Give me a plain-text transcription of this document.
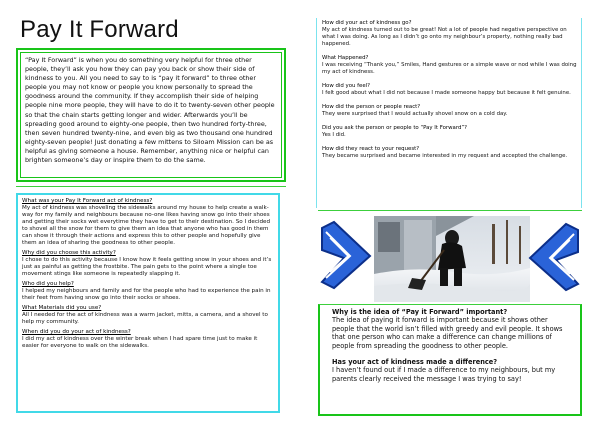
Pay It Forward
“Pay It Forward” is when you do something very helpful for three other people, they’ll ask you how they can pay you back or show their side of kindness to you. All you need to say to is “pay it forward” to three other people you may not know or people you know personally to spread the goodness around the community. If they accomplish their side of helping people nine more people, they will have to do it to twenty-seven other people so that the chain starts getting longer and wider. Afterwards you’ll be spreading good around to eighty-one people, then two hundred forty-three, then seven hundred twenty-nine, and even big as two thousand one hundred eighty-seven people! Just donating a few mittens to Siloam Mission can be as helpful as giving someone a house. Remember, anything nice or helpful can brighten someone’s day or inspire them to do the same.
What was your Pay It Forward act of kindness?
My act of kindness was shoveling the sidewalks around my house to help create a walk-way for my family and neighbours because no-one likes having snow go into their shoes and getting their socks wet everytime they have to get to their destination. So I decided to shovel all the snow for them to give them an idea that anyone who has good in them can show it through their actions and express this to other people and hopefully give them an idea of sharing the goodness to other people.
Why did you choose this activity?
I chose to do this activity because I know how it feels getting snow in your shoes and it’s just as painful as getting the frostbite. The pain gets to the point where a single toe movement stings like someone is repeatedly slapping it.
Who did you help?
I helped my neighbours and family and for the people who had to experience the pain in their feet from having snow go into their socks or shoes.
What Materials did you use?
All I needed for the act of kindness was a warm jacket, mitts, a camera, and a shovel to help my community.
When did you do your act of kindness?
I did my act of kindness over the winter break when I had spare time just to make it easier for everyone to walk on the sidewalks.
How did your act of kindness go?
My act of kindness turned out to be great! Not a lot of people had negative perspective on what I was doing. As long as I didn’t go onto my neighbour’s property, nothing really bad happened.
What Happened?
I was receiving “Thank you,” Smiles, Hand gestures or a simple wave or nod while I was doing my act of kindness.
How did you feel?
I felt good about what I did not because I made someone happy but because it felt genuine.
How did the person or people react?
They were surprised that I would actually shovel snow on a cold day.
Did you ask the person or people to “Pay It Forward”?
Yes I did.
How did they react to your request?
They became surprised and became interested in my request and accepted the challenge.
Why is the idea of “Pay it Forward” important?
The idea of paying it forward is important because it shows other people that the world isn’t filled with greedy and evil people. It shows that one person who can make a difference can change millions of people from spreading the goodness to other people.
Has your act of kindness made a difference?
I haven’t found out if I made a difference to my neighbours, but my parents clearly received the message I was trying to say!
